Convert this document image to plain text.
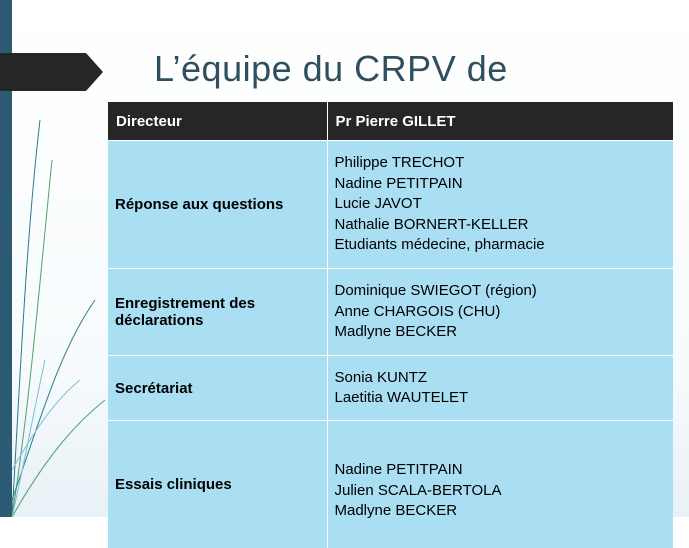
L’équipe du CRPV de
Directeur	Pr Pierre GILLET
Réponse aux questions	Philippe TRECHOT
Nadine PETITPAIN
Lucie JAVOT
Nathalie BORNERT-KELLER
Etudiants médecine, pharmacie

Enregistrement des déclarations	Dominique SWIEGOT (région)
Anne CHARGOIS (CHU)
Madlyne BECKER

Secrétariat	Sonia KUNTZ
Laetitia WAUTELET

Essais cliniques	Nadine PETITPAIN
Julien SCALA-BERTOLA
Madlyne BECKER
